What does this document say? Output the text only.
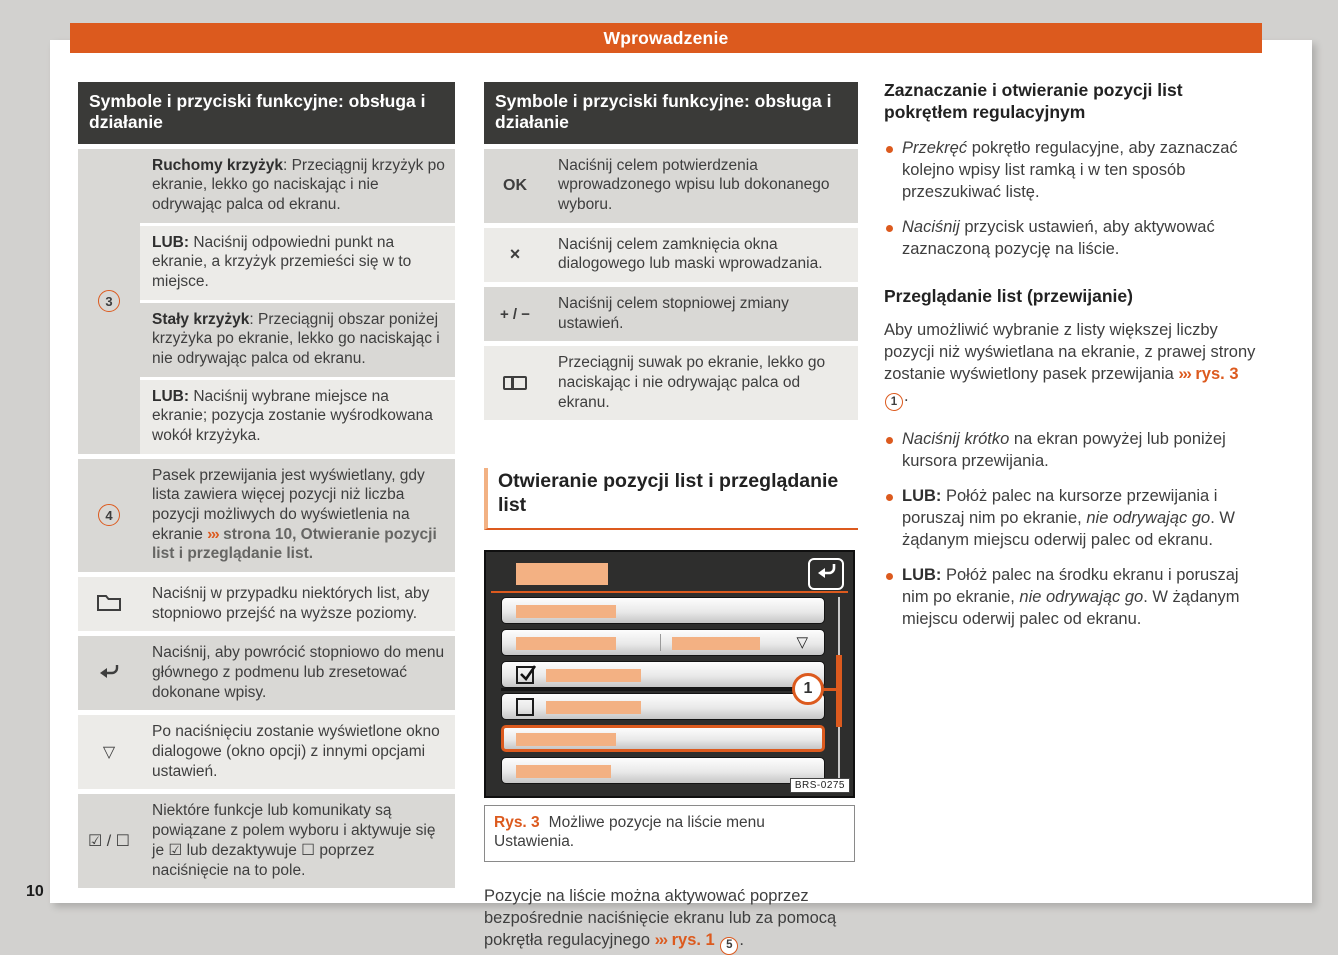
Wprowadzenie
10
Symbole i przyciski funkcyjne: obsługa i działanie
3
Ruchomy krzyżyk: Przeciągnij krzyżyk po ekranie, lekko go naciskając i nie odrywając palca od ekranu.
LUB: Naciśnij odpowiedni punkt na ekranie, a krzyżyk przemieści się w to miejsce.
Stały krzyżyk: Przeciągnij obszar poniżej krzyżyka po ekranie, lekko go naciskając i nie odrywając palca od ekranu.
LUB: Naciśnij wybrane miejsce na ekranie; pozycja zostanie wyśrodkowana wokół krzyżyka.
4
Pasek przewijania jest wyświetlany, gdy lista zawiera więcej pozycji niż liczba pozycji możliwych do wyświetlenia na ekranie ››› strona 10, Otwieranie pozycji list i przeglądanie list.
Naciśnij w przypadku niektórych list, aby stopniowo przejść na wyższe poziomy.
Naciśnij, aby powrócić stopniowo do menu głównego z podmenu lub zresetować dokonane wpisy.
▽
Po naciśnięciu zostanie wyświetlone okno dialogowe (okno opcji) z innymi opcjami ustawień.
☑ / ☐
Niektóre funkcje lub komunikaty są powiązane z polem wyboru i aktywuje się je ☑ lub dezaktywuje ☐ poprzez naciśnięcie na to pole.
Symbole i przyciski funkcyjne: obsługa i działanie
OK
Naciśnij celem potwierdzenia wprowadzonego wpisu lub dokonanego wyboru.
×
Naciśnij celem zamknięcia okna dialogowego lub maski wprowadzania.
+ / −
Naciśnij celem stopniowej zmiany ustawień.
Przeciągnij suwak po ekranie, lekko go naciskając i nie odrywając palca od ekranu.
Otwieranie pozycji list i przeglądanie list
▽
1
BRS-0275
Rys. 3 Możliwe pozycje na liście menu Ustawienia.
Pozycje na liście można aktywować poprzez bezpośrednie naciśnięcie ekranu lub za pomocą pokrętła regulacyjnego ››› rys. 1 5 .
Zaznaczanie i otwieranie pozycji list pokrętłem regulacyjnym
Przekręć pokrętło regulacyjne, aby zaznaczać kolejno wpisy list ramką i w ten sposób przeszukiwać listę.
Naciśnij przycisk ustawień, aby aktywować zaznaczoną pozycję na liście.
Przeglądanie list (przewijanie)
Aby umożliwić wybranie z listy większej liczby pozycji niż wyświetlana na ekranie, z prawej strony zostanie wyświetlony pasek przewijania ››› rys. 3 1 .
Naciśnij krótko na ekran powyżej lub poniżej kursora przewijania.
LUB: Połóż palec na kursorze przewijania i poruszaj nim po ekranie, nie odrywając go. W żądanym miejscu oderwij palec od ekranu.
LUB: Połóż palec na środku ekranu i poruszaj nim po ekranie, nie odrywając go. W żądanym miejscu oderwij palec od ekranu.
